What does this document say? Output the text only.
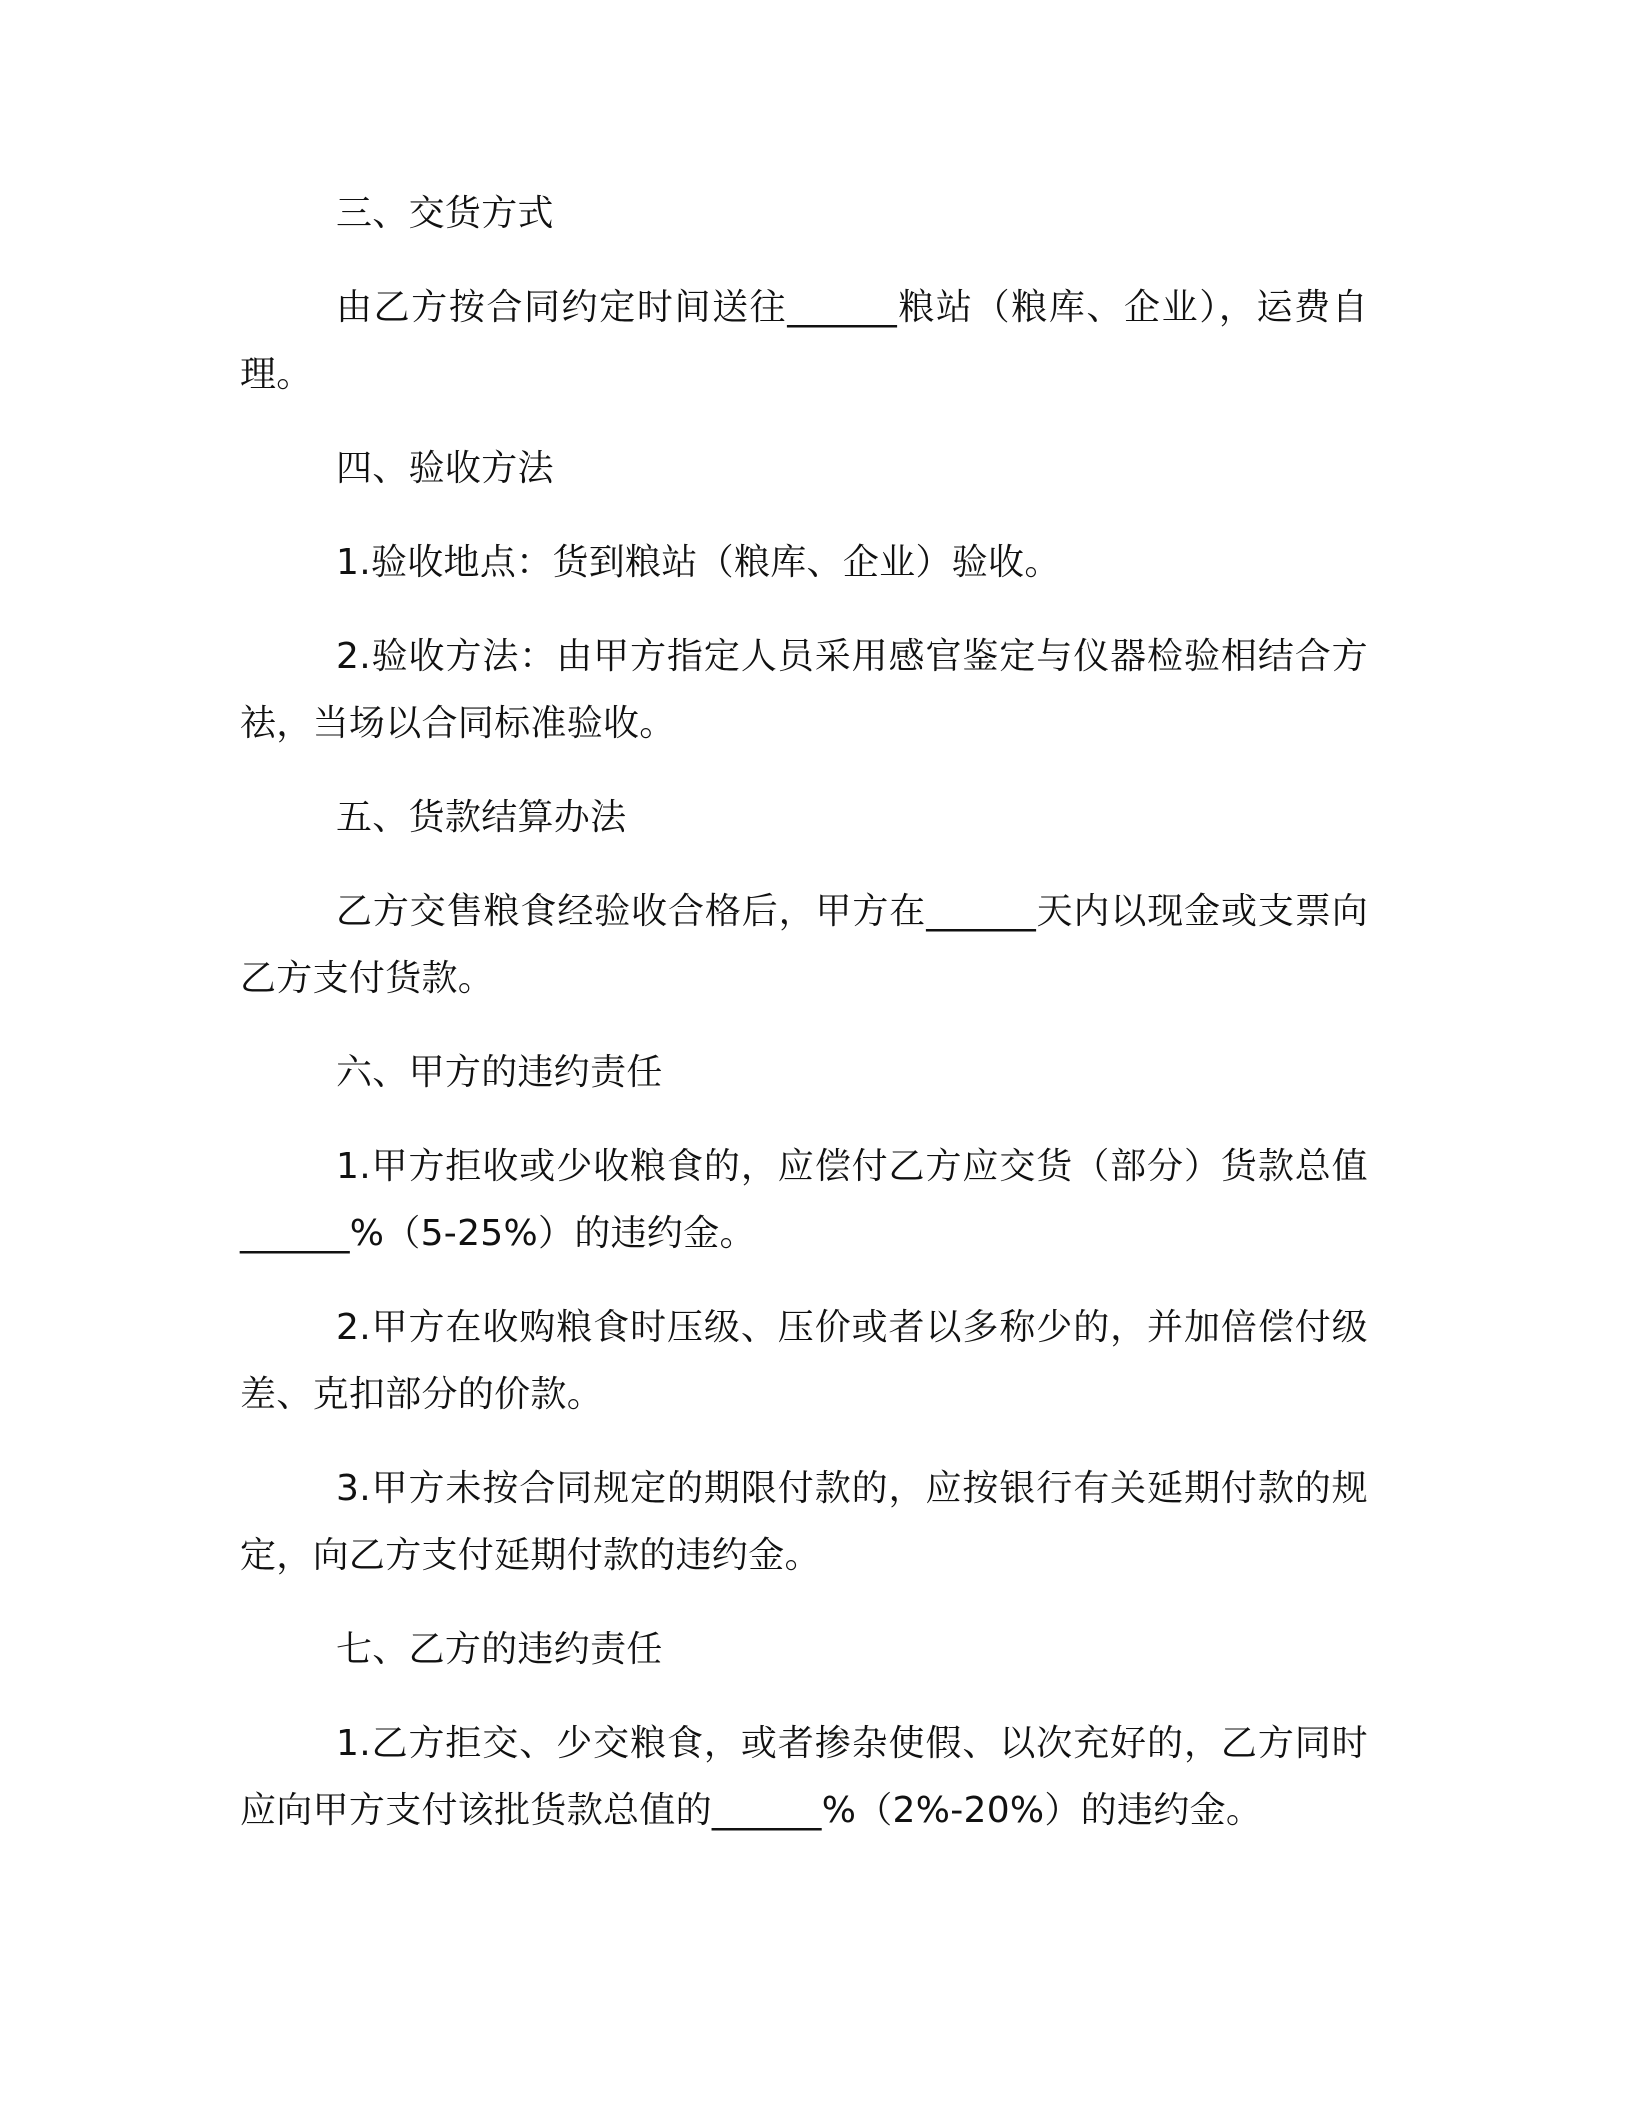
三、交货方式

由乙方按合同约定时间送往______粮站（粮库、企业），运费自理。

四、验收方法

1.验收地点：货到粮站（粮库、企业）验收。

2.验收方法：由甲方指定人员采用感官鉴定与仪器检验相结合方祛，当场以合同标准验收。

五、货款结算办法

乙方交售粮食经验收合格后，甲方在______天内以现金或支票向乙方支付货款。

六、甲方的违约责任

1.甲方拒收或少收粮食的，应偿付乙方应交货（部分）货款总值______%（5-25%）的违约金。

2.甲方在收购粮食时压级、压价或者以多称少的，并加倍偿付级差、克扣部分的价款。

3.甲方未按合同规定的期限付款的，应按银行有关延期付款的规定，向乙方支付延期付款的违约金。

七、乙方的违约责任

1.乙方拒交、少交粮食，或者掺杂使假、以次充好的，乙方同时应向甲方支付该批货款总值的______%（2%-20%）的违约金。
